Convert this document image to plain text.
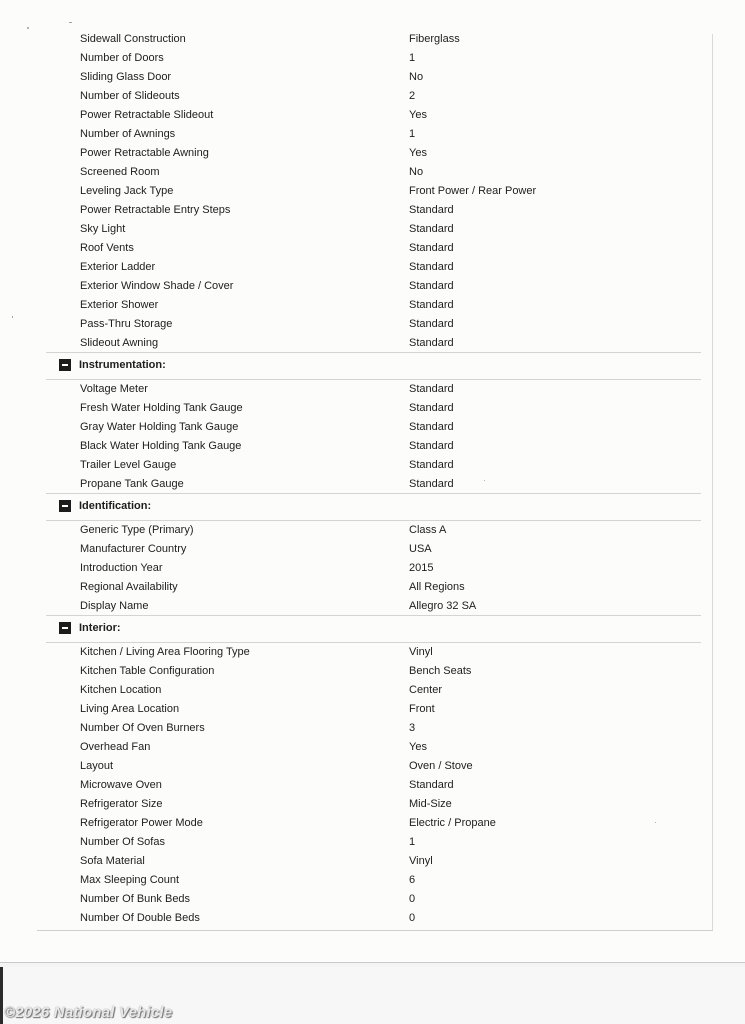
Sidewall Construction	Fiberglass
Number of Doors	1
Sliding Glass Door	No
Number of Slideouts	2
Power Retractable Slideout	Yes
Number of Awnings	1
Power Retractable Awning	Yes
Screened Room	No
Leveling Jack Type	Front Power / Rear Power
Power Retractable Entry Steps	Standard
Sky Light	Standard
Roof Vents	Standard
Exterior Ladder	Standard
Exterior Window Shade / Cover	Standard
Exterior Shower	Standard
Pass-Thru Storage	Standard
Slideout Awning	Standard
Instrumentation:
Voltage Meter	Standard
Fresh Water Holding Tank Gauge	Standard
Gray Water Holding Tank Gauge	Standard
Black Water Holding Tank Gauge	Standard
Trailer Level Gauge	Standard
Propane Tank Gauge	Standard
Identification:
Generic Type (Primary)	Class A
Manufacturer Country	USA
Introduction Year	2015
Regional Availability	All Regions
Display Name	Allegro 32 SA
Interior:
Kitchen / Living Area Flooring Type	Vinyl
Kitchen Table Configuration	Bench Seats
Kitchen Location	Center
Living Area Location	Front
Number Of Oven Burners	3
Overhead Fan	Yes
Layout	Oven / Stove
Microwave Oven	Standard
Refrigerator Size	Mid-Size
Refrigerator Power Mode	Electric / Propane
Number Of Sofas	1
Sofa Material	Vinyl
Max Sleeping Count	6
Number Of Bunk Beds	0
Number Of Double Beds	0
©2026 National Vehicle
